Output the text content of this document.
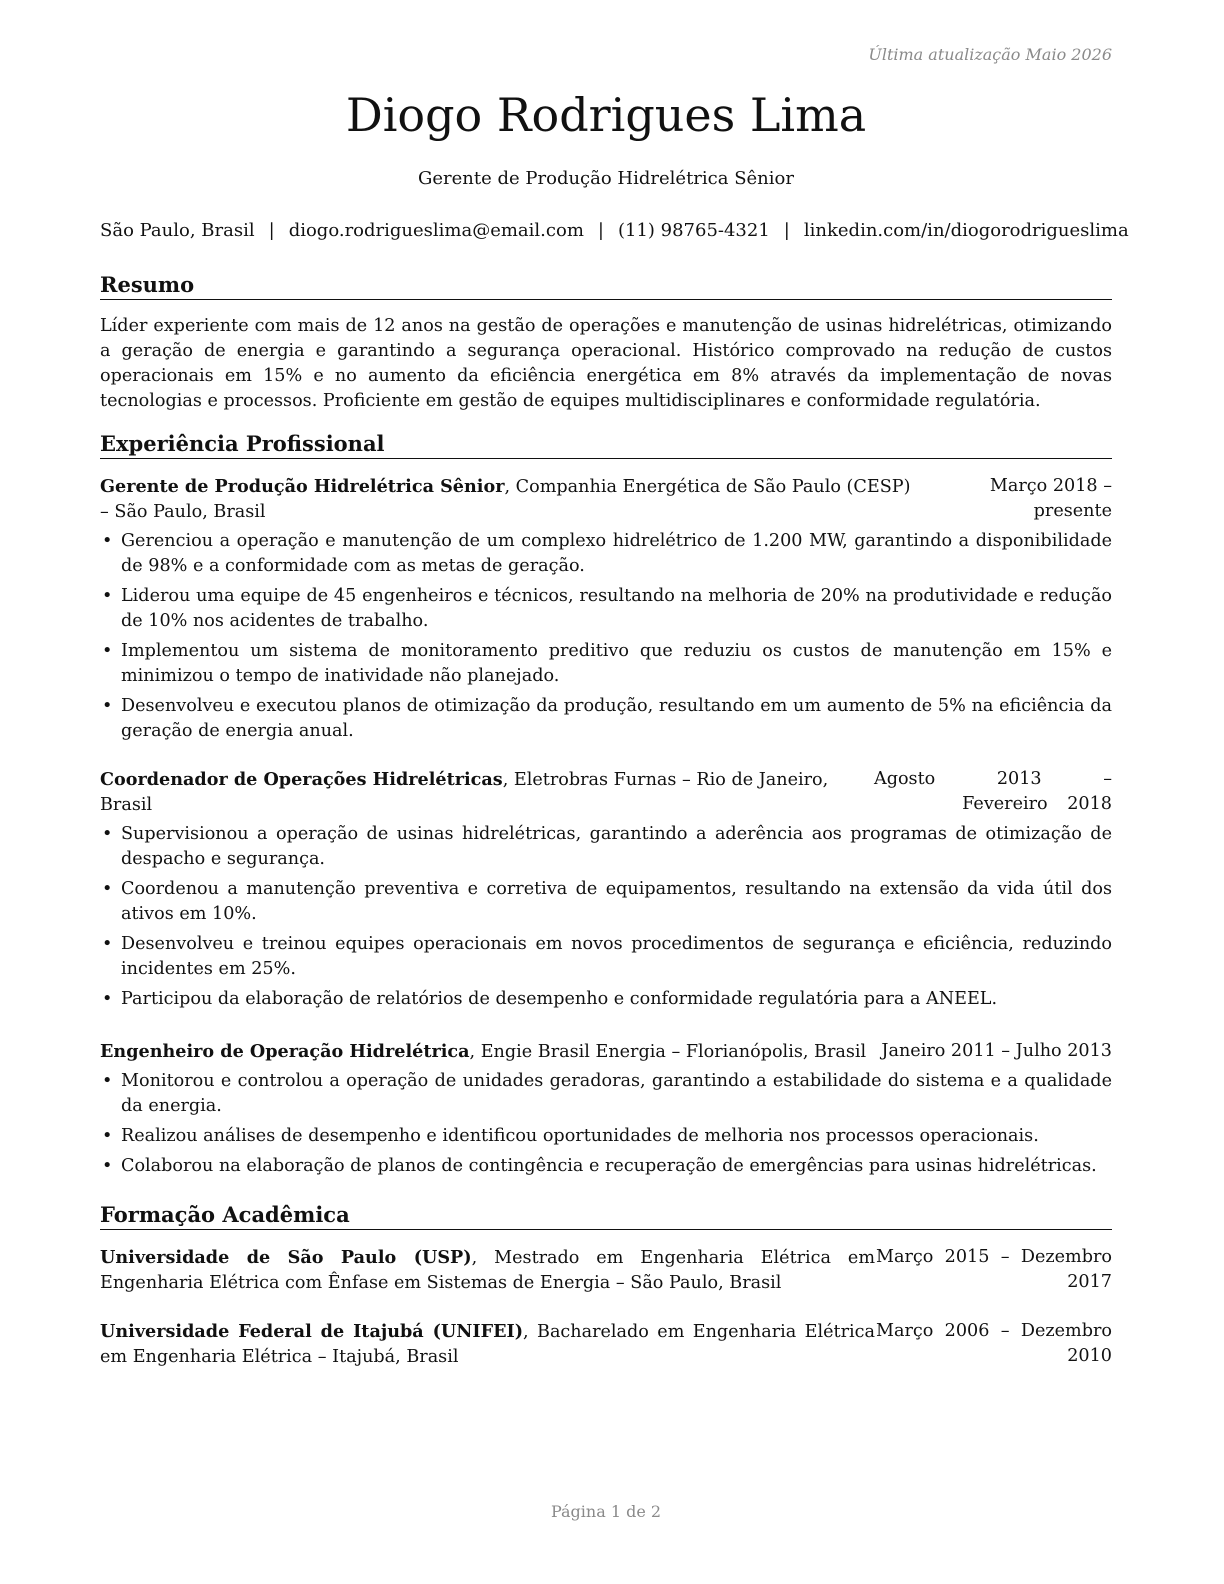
Última atualização Maio 2026
Diogo Rodrigues Lima
Gerente de Produção Hidrelétrica Sênior
São Paulo, Brasil | diogo.rodrigueslima@email.com | (11) 98765-4321 | linkedin.com/in/diogorodrigueslima
Resumo

Líder experiente com mais de 12 anos na gestão de operações e manutenção de usinas hidrelétricas, otimizando a geração de energia e garantindo a segurança operacional. Histórico comprovado na redução de custos operacionais em 15% e no aumento da eficiência energética em 8% através da implementação de novas tecnologias e processos. Proficiente em gestão de equipes multidisciplinares e conformidade regulatória.

Experiência Profissional
Março 2018 – presente
Gerente de Produção Hidrelétrica Sênior, Companhia Energética de São Paulo (CESP) – São Paulo, Brasil
• Gerenciou a operação e manutenção de um complexo hidrelétrico de 1.200 MW, garantindo a disponibilidade de 98% e a conformidade com as metas de geração.
• Liderou uma equipe de 45 engenheiros e técnicos, resultando na melhoria de 20% na produtividade e redução de 10% nos acidentes de trabalho.
• Implementou um sistema de monitoramento preditivo que reduziu os custos de manutenção em 15% e minimizou o tempo de inatividade não planejado.
• Desenvolveu e executou planos de otimização da produção, resultando em um aumento de 5% na eficiência da geração de energia anual.
Agosto 2013 – Fevereiro 2018
Coordenador de Operações Hidrelétricas, Eletrobras Furnas – Rio de Janeiro, Brasil
• Supervisionou a operação de usinas hidrelétricas, garantindo a aderência aos programas de otimização de despacho e segurança.
• Coordenou a manutenção preventiva e corretiva de equipamentos, resultando na extensão da vida útil dos ativos em 10%.
• Desenvolveu e treinou equipes operacionais em novos procedimentos de segurança e eficiência, reduzindo incidentes em 25%.
• Participou da elaboração de relatórios de desempenho e conformidade regulatória para a ANEEL.
Janeiro 2011 – Julho 2013
Engenheiro de Operação Hidrelétrica, Engie Brasil Energia – Florianópolis, Brasil
• Monitorou e controlou a operação de unidades geradoras, garantindo a estabilidade do sistema e a qualidade da energia.
• Realizou análises de desempenho e identificou oportunidades de melhoria nos processos operacionais.
• Colaborou na elaboração de planos de contingência e recuperação de emergências para usinas hidrelétricas.
Formação Acadêmica
Universidade de São Paulo (USP), Mestrado em Engenharia Elétrica em Engenharia Elétrica com Ênfase em Sistemas de Energia – São Paulo, Brasil
Março 2015 – Dezembro 2017
Universidade Federal de Itajubá (UNIFEI), Bacharelado em Engenharia Elétrica em Engenharia Elétrica – Itajubá, Brasil
Março 2006 – Dezembro 2010
Página 1 de 2
